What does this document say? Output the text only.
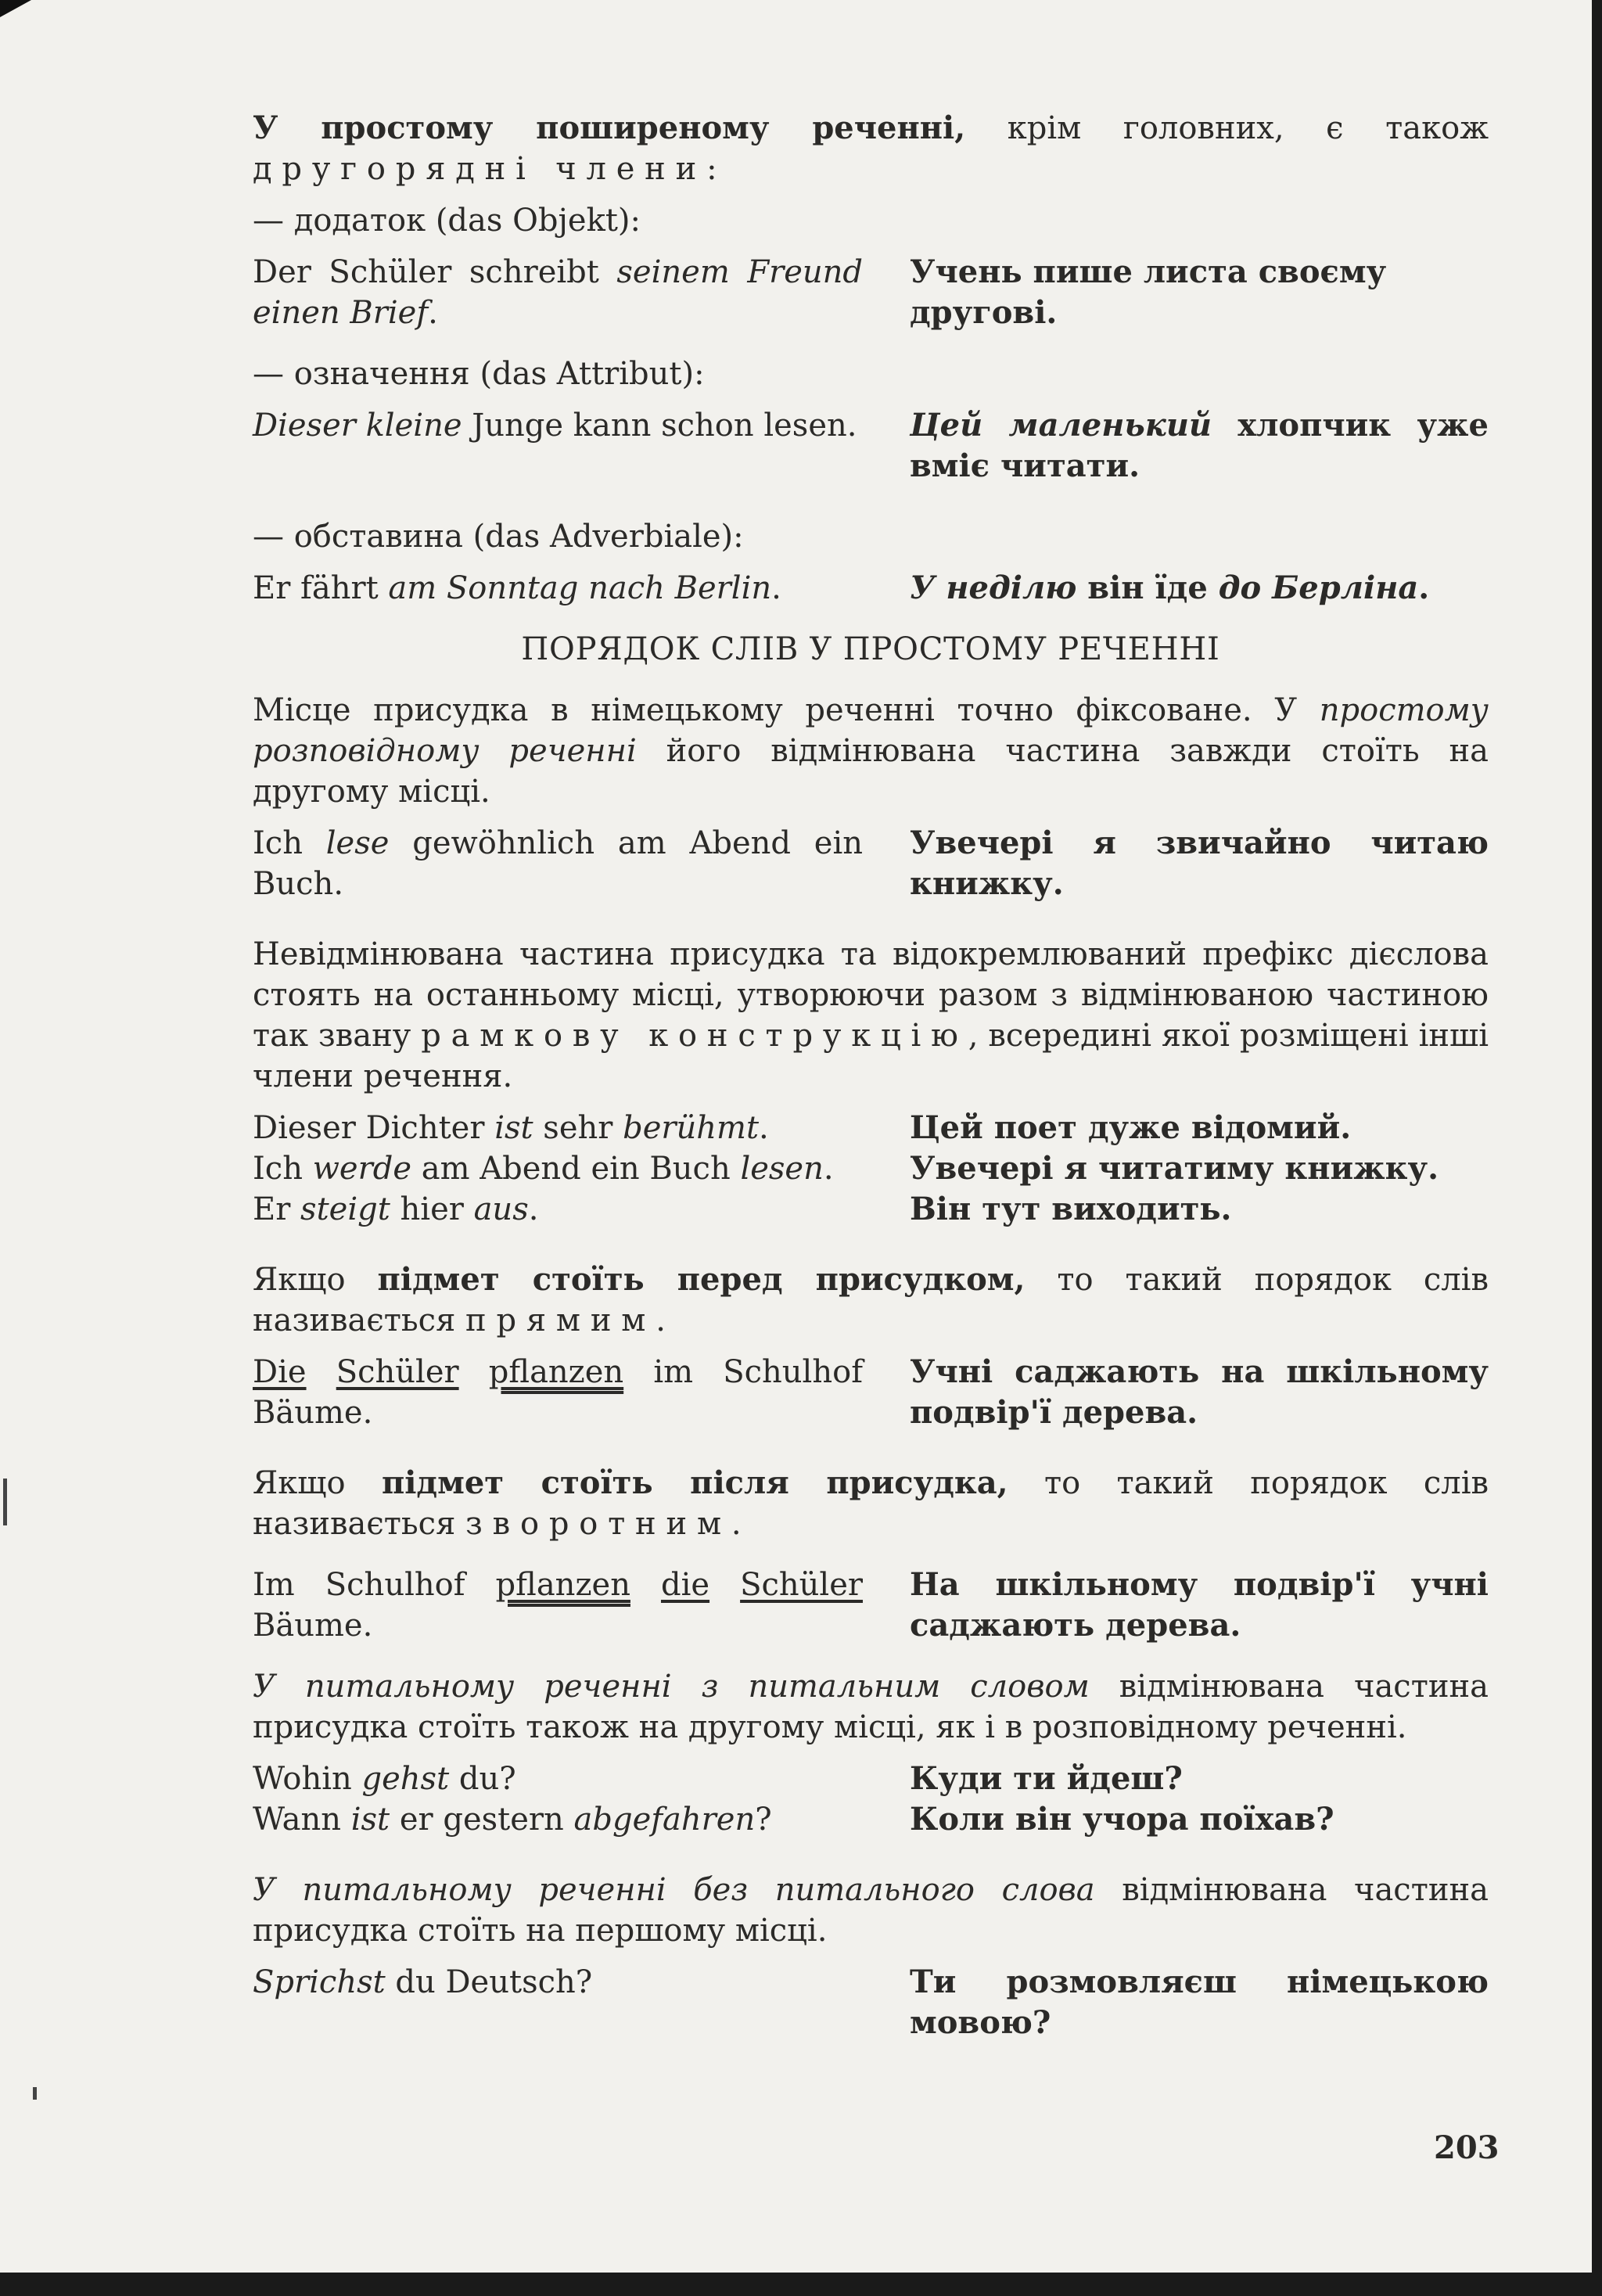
У простому поширеному реченні, крім головних, є також другорядні члени:

— додаток (das Objekt):

Der Schüler schreibt seinem Freund einen Brief.
Учень пише листа своєму другові.

— означення (das Attribut):

Dieser kleine Junge kann schon lesen. Цей маленький хлопчик уже вміє читати.

— обставина (das Adverbiale):

Er fährt am Sonntag nach Berlin.	У неділю він їде до Берліна.

ПОРЯДОК СЛІВ У ПРОСТОМУ РЕЧЕННІ

Місце присудка в німецькому реченні точно фіксоване. У простому розповідному реченні його відмінювана частина завжди стоїть на другому місці.

Ich lese gewöhnlich am Abend ein Buch.
Увечері я звичайно читаю книжку.

Невідмінювана частина присудка та відокремлюваний префікс дієслова стоять на останньому місці, утворюючи разом з відмінюваною частиною так звану рамкову конструкцію, всередині якої розміщені інші члени речення.

Dieser Dichter ist sehr berühmt.	Цей поет дуже відомий.
Ich werde am Abend ein Buch lesen.	Увечері я читатиму книжку.
Er steigt hier aus.	Він тут виходить.

Якщо підмет стоїть перед присудком, то такий порядок слів називається прямим.

Die Schüler pflanzen im Schulhof Bäume.
Учні саджають на шкільному подвір'ї дерева.

Якщо підмет стоїть після присудка, то такий порядок слів називається зворотним.

Im Schulhof pflanzen die Schüler Bäume.
На шкільному подвір'ї учні саджають дерева.

У питальному реченні з питальним словом відмінювана частина присудка стоїть також на другому місці, як і в розповідному реченні.

Wohin gehst du?	Куди ти йдеш?
Wann ist er gestern abgefahren?	Коли він учора поїхав?

У питальному реченні без питального слова відмінювана частина присудка стоїть на першому місці.

Sprichst du Deutsch?	Ти розмовляєш німецькою мовою?
203
